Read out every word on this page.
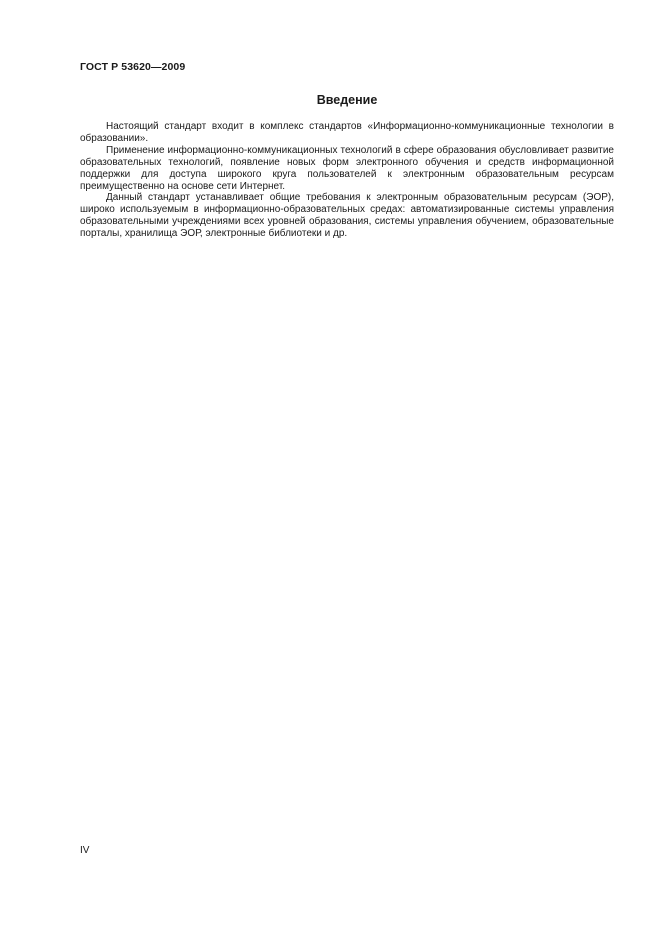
ГОСТ Р 53620—2009
Введение

Настоящий стандарт входит в комплекс стандартов «Информационно-коммуникационные технологии в образовании».

Применение информационно-коммуникационных технологий в сфере образования обусловливает развитие образовательных технологий, появление новых форм электронного обучения и средств информационной поддержки для доступа широкого круга пользователей к электронным образовательным ресурсам преимущественно на основе сети Интернет.

Данный стандарт устанавливает общие требования к электронным образовательным ресурсам (ЭОР), широко используемым в информационно-образовательных средах: автоматизированные системы управления образовательными учреждениями всех уровней образования, системы управления обучением, образовательные порталы, хранилища ЭОР, электронные библиотеки и др.

IV
